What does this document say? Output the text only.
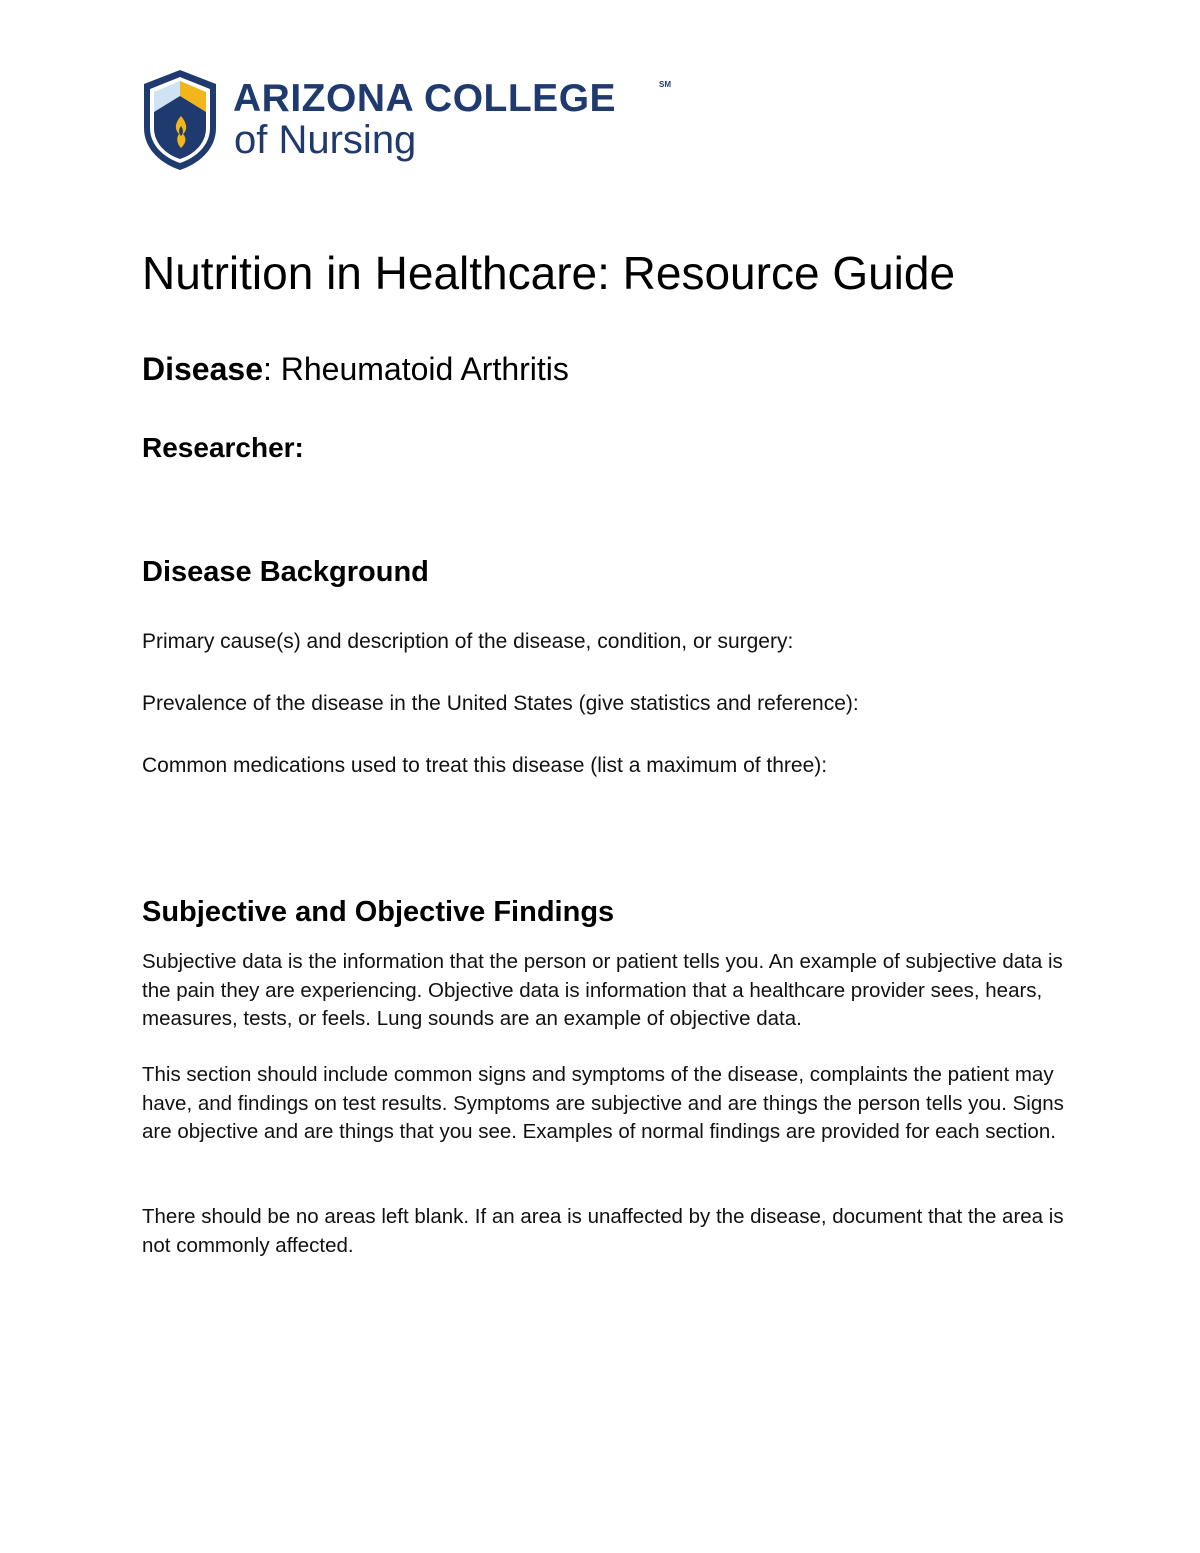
ARIZONA COLLEGE	SM
of Nursing
Nutrition in Healthcare: Resource Guide
Disease: Rheumatoid Arthritis
Researcher:
Disease Background
Primary cause(s) and description of the disease, condition, or surgery:
Prevalence of the disease in the United States (give statistics and reference):
Common medications used to treat this disease (list a maximum of three):
Subjective and Objective Findings
Subjective data is the information that the person or patient tells you. An example of subjective data is the pain they are experiencing. Objective data is information that a healthcare provider sees, hears, measures, tests, or feels. Lung sounds are an example of objective data.
This section should include common signs and symptoms of the disease, complaints the patient may have, and findings on test results. Symptoms are subjective and are things the person tells you. Signs are objective and are things that you see. Examples of normal findings are provided for each section.
There should be no areas left blank. If an area is unaffected by the disease, document that the area is not commonly affected.
